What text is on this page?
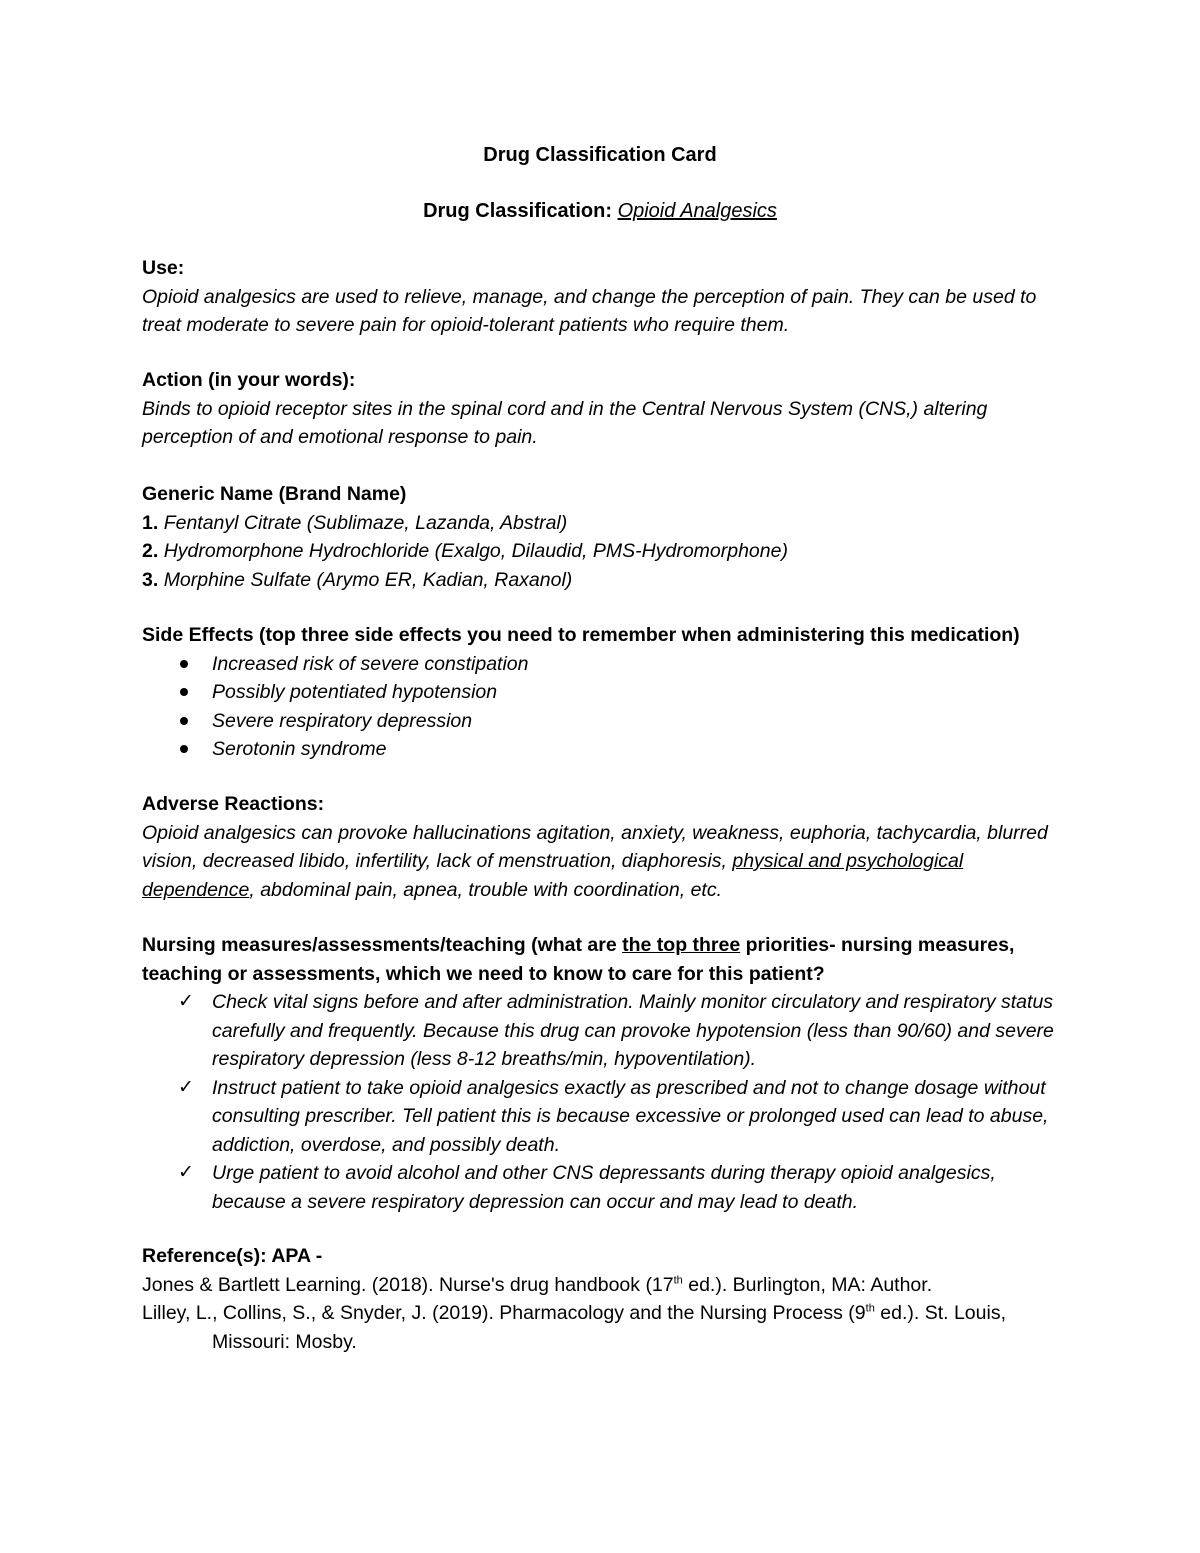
Drug Classification Card
Drug Classification: Opioid Analgesics
Use:
Opioid analgesics are used to relieve, manage, and change the perception of pain. They can be used to
treat moderate to severe pain for opioid-tolerant patients who require them.
Action (in your words):
Binds to opioid receptor sites in the spinal cord and in the Central Nervous System (CNS,) altering
perception of and emotional response to pain.
Generic Name (Brand Name)
1. Fentanyl Citrate (Sublimaze, Lazanda, Abstral)
2. Hydromorphone Hydrochloride (Exalgo, Dilaudid, PMS-Hydromorphone)
3. Morphine Sulfate (Arymo ER, Kadian, Raxanol)
Side Effects (top three side effects you need to remember when administering this medication)
Increased risk of severe constipation
Possibly potentiated hypotension
Severe respiratory depression
Serotonin syndrome
Adverse Reactions:
Opioid analgesics can provoke hallucinations agitation, anxiety, weakness, euphoria, tachycardia, blurred
vision, decreased libido, infertility, lack of menstruation, diaphoresis, physical and psychological
dependence, abdominal pain, apnea, trouble with coordination, etc.
Nursing measures/assessments/teaching (what are the top three priorities- nursing measures,
teaching or assessments, which we need to know to care for this patient?
✓ Check vital signs before and after administration. Mainly monitor circulatory and respiratory status
carefully and frequently. Because this drug can provoke hypotension (less than 90/60) and severe
respiratory depression (less 8-12 breaths/min, hypoventilation).
✓ Instruct patient to take opioid analgesics exactly as prescribed and not to change dosage without
consulting prescriber. Tell patient this is because excessive or prolonged used can lead to abuse,
addiction, overdose, and possibly death.
✓ Urge patient to avoid alcohol and other CNS depressants during therapy opioid analgesics,
because a severe respiratory depression can occur and may lead to death.
Reference(s): APA -
Jones & Bartlett Learning. (2018). Nurse's drug handbook (17th ed.). Burlington, MA: Author.
Lilley, L., Collins, S., & Snyder, J. (2019). Pharmacology and the Nursing Process (9th ed.). St. Louis,
Missouri: Mosby.
